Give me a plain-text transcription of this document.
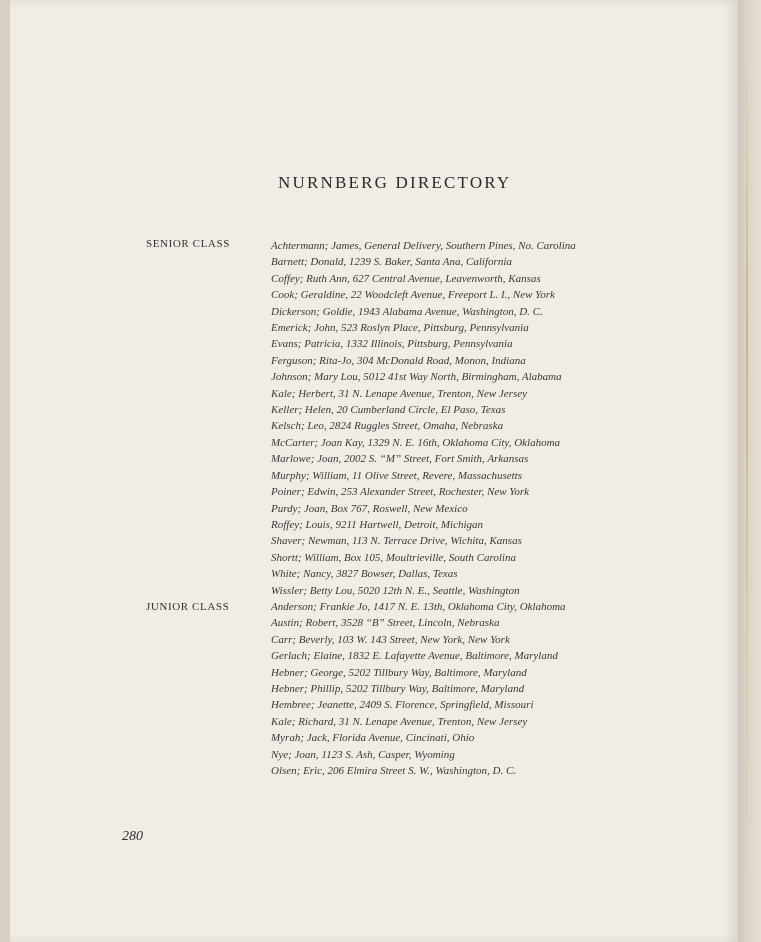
NURNBERG DIRECTORY
SENIOR CLASS
JUNIOR CLASS
Achtermann; James, General Delivery, Southern Pines, No. Carolina
Barnett; Donald, 1239 S. Baker, Santa Ana, California
Coffey; Ruth Ann, 627 Central Avenue, Leavenworth, Kansas
Cook; Geraldine, 22 Woodcleft Avenue, Freeport L. I., New York
Dickerson; Goldie, 1943 Alabama Avenue, Washington, D. C.
Emerick; John, 523 Roslyn Place, Pittsburg, Pennsylvania
Evans; Patricia, 1332 Illinois, Pittsburg, Pennsylvania
Ferguson; Rita-Jo, 304 McDonald Road, Monon, Indiana
Johnson; Mary Lou, 5012 41st Way North, Birmingham, Alabama
Kale; Herbert, 31 N. Lenape Avenue, Trenton, New Jersey
Keller; Helen, 20 Cumberland Circle, El Paso, Texas
Kelsch; Leo, 2824 Ruggles Street, Omaha, Nebraska
McCarter; Joan Kay, 1329 N. E. 16th, Oklahoma City, Oklahoma
Marlowe; Joan, 2002 S. “M” Street, Fort Smith, Arkansas
Murphy; William, 11 Olive Street, Revere, Massachusetts
Poiner; Edwin, 253 Alexander Street, Rochester, New York
Purdy; Joan, Box 767, Roswell, New Mexico
Roffey; Louis, 9211 Hartwell, Detroit, Michigan
Shaver; Newman, 113 N. Terrace Drive, Wichita, Kansas
Shortt; William, Box 105, Moultrieville, South Carolina
White; Nancy, 3827 Bowser, Dallas, Texas
Wissler; Betty Lou, 5020 12th N. E., Seattle, Washington
Anderson; Frankie Jo, 1417 N. E. 13th, Oklahoma City, Oklahoma
Austin; Robert, 3528 “B” Street, Lincoln, Nebraska
Carr; Beverly, 103 W. 143 Street, New York, New York
Gerlach; Elaine, 1832 E. Lafayette Avenue, Baltimore, Maryland
Hebner; George, 5202 Tillbury Way, Baltimore, Maryland
Hebner; Phillip, 5202 Tillbury Way, Baltimore, Maryland
Hembree; Jeanette, 2409 S. Florence, Springfield, Missouri
Kale; Richard, 31 N. Lenape Avenue, Trenton, New Jersey
Myrah; Jack, Florida Avenue, Cincinati, Ohio
Nye; Joan, 1123 S. Ash, Casper, Wyoming
Olsen; Eric, 206 Elmira Street S. W., Washington, D. C.
280
